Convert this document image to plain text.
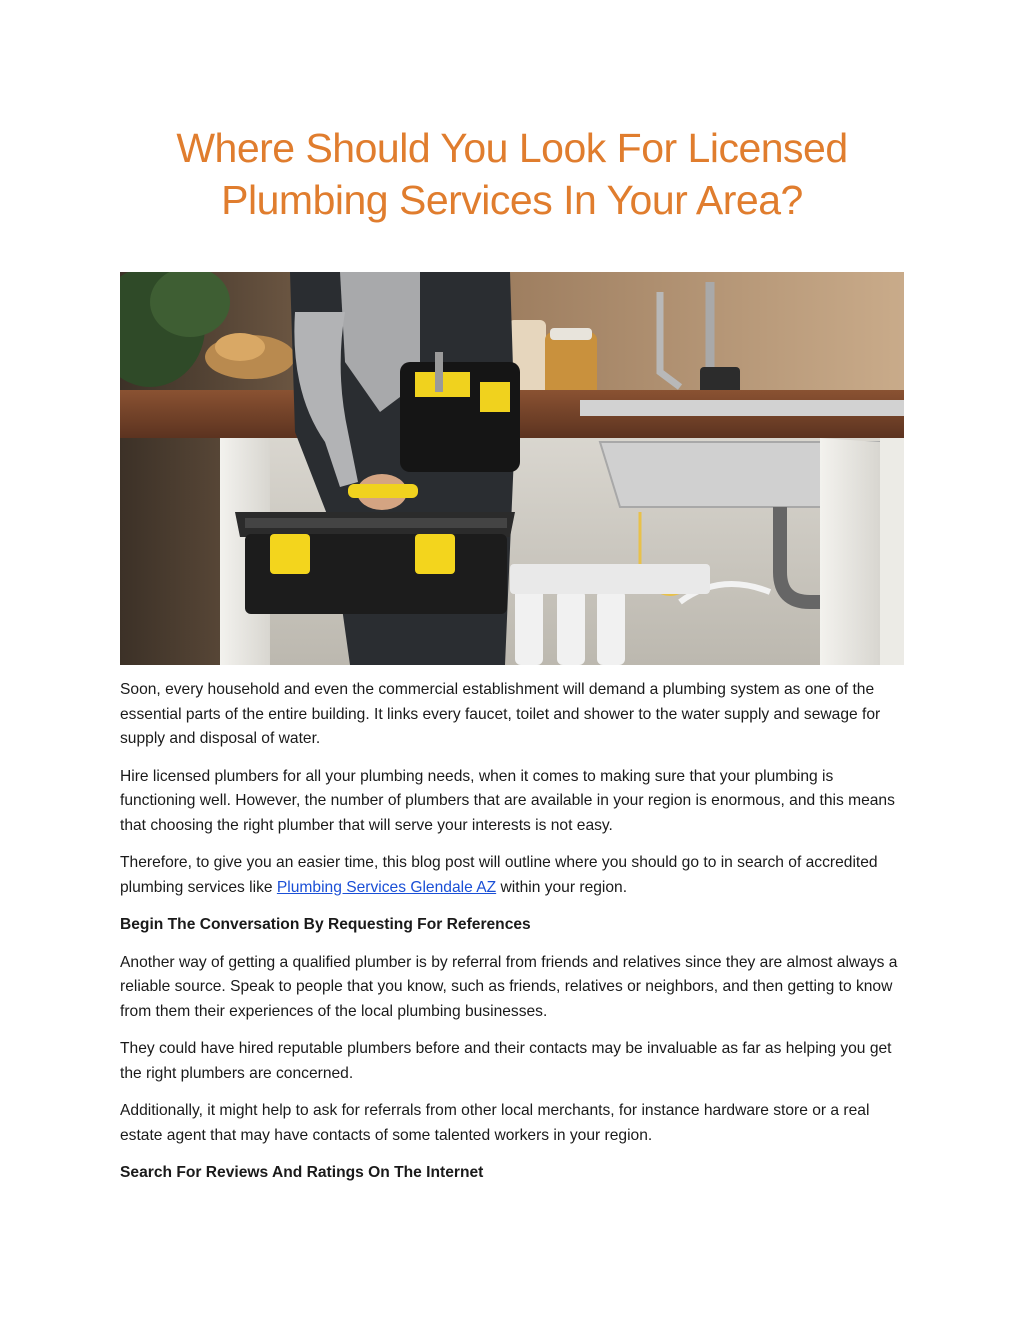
Where Should You Look For Licensed
Plumbing Services In Your Area?

Soon, every household and even the commercial establishment will demand a plumbing system as one of the essential parts of the entire building. It links every faucet, toilet and shower to the water supply and sewage for supply and disposal of water.

Hire licensed plumbers for all your plumbing needs, when it comes to making sure that your plumbing is functioning well. However, the number of plumbers that are available in your region is enormous, and this means that choosing the right plumber that will serve your interests is not easy.

Therefore, to give you an easier time, this blog post will outline where you should go to in search of accredited plumbing services like Plumbing Services Glendale AZ within your region.

Begin The Conversation By Requesting For References

Another way of getting a qualified plumber is by referral from friends and relatives since they are almost always a reliable source. Speak to people that you know, such as friends, relatives or neighbors, and then getting to know from them their experiences of the local plumbing businesses.

They could have hired reputable plumbers before and their contacts may be invaluable as far as helping you get the right plumbers are concerned.

Additionally, it might help to ask for referrals from other local merchants, for instance hardware store or a real estate agent that may have contacts of some talented workers in your region.

Search For Reviews And Ratings On The Internet
